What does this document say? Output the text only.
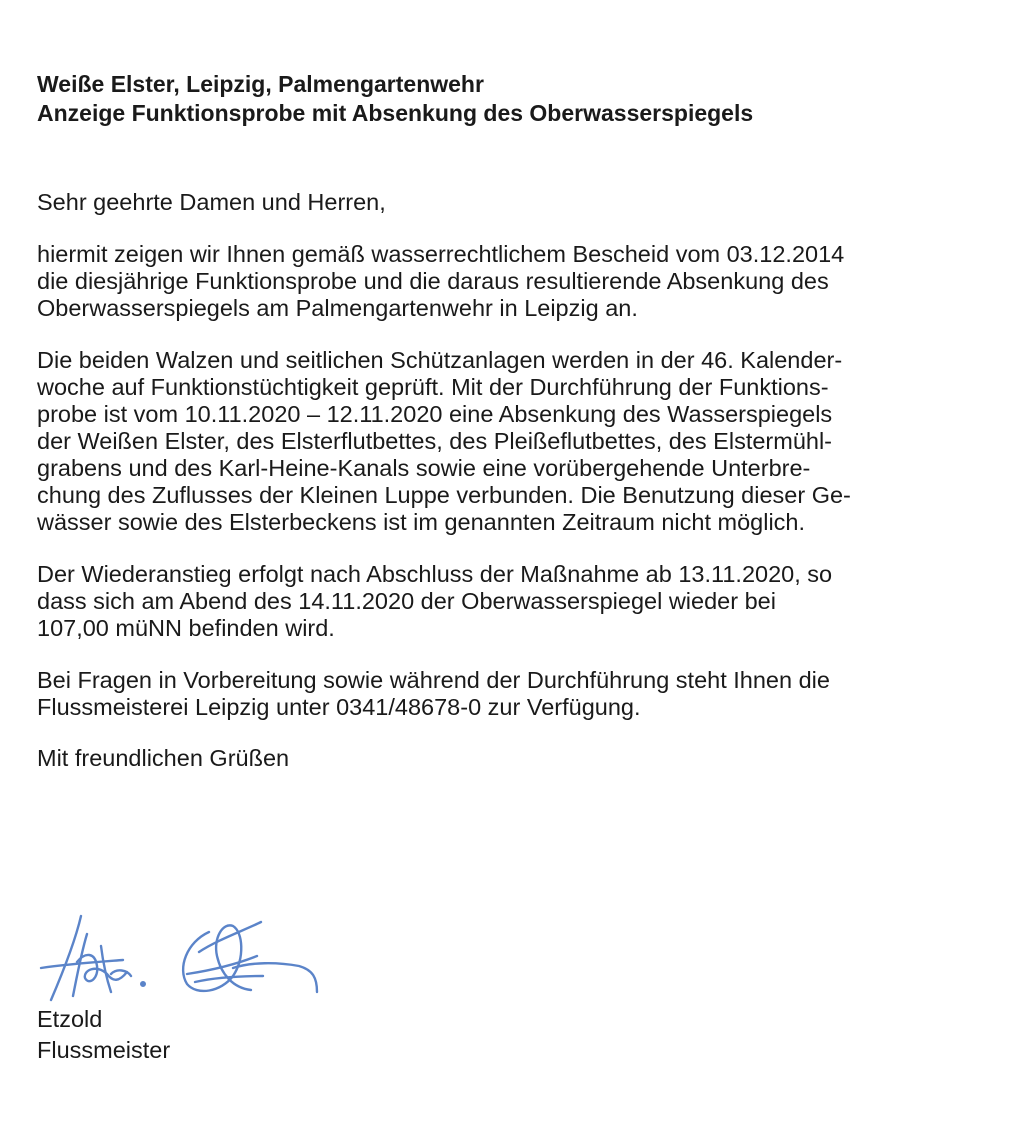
Weiße Elster, Leipzig, Palmengartenwehr
Anzeige Funktionsprobe mit Absenkung des Oberwasserspiegels

Sehr geehrte Damen und Herren,

hiermit zeigen wir Ihnen gemäß wasserrechtlichem Bescheid vom 03.12.2014
die diesjährige Funktionsprobe und die daraus resultierende Absenkung des
Oberwasserspiegels am Palmengartenwehr in Leipzig an.

Die beiden Walzen und seitlichen Schützanlagen werden in der 46. Kalender-
woche auf Funktionstüchtigkeit geprüft. Mit der Durchführung der Funktions-
probe ist vom 10.11.2020 – 12.11.2020 eine Absenkung des Wasserspiegels
der Weißen Elster, des Elsterflutbettes, des Pleißeflutbettes, des Elstermühl-
grabens und des Karl-Heine-Kanals sowie eine vorübergehende Unterbre-
chung des Zuflusses der Kleinen Luppe verbunden. Die Benutzung dieser Ge-
wässer sowie des Elsterbeckens ist im genannten Zeitraum nicht möglich.

Der Wiederanstieg erfolgt nach Abschluss der Maßnahme ab 13.11.2020, so
dass sich am Abend des 14.11.2020 der Oberwasserspiegel wieder bei
107,00 müNN befinden wird.

Bei Fragen in Vorbereitung sowie während der Durchführung steht Ihnen die
Flussmeisterei Leipzig unter 0341/48678-0 zur Verfügung.

Mit freundlichen Grüßen

Etzold
Flussmeister
